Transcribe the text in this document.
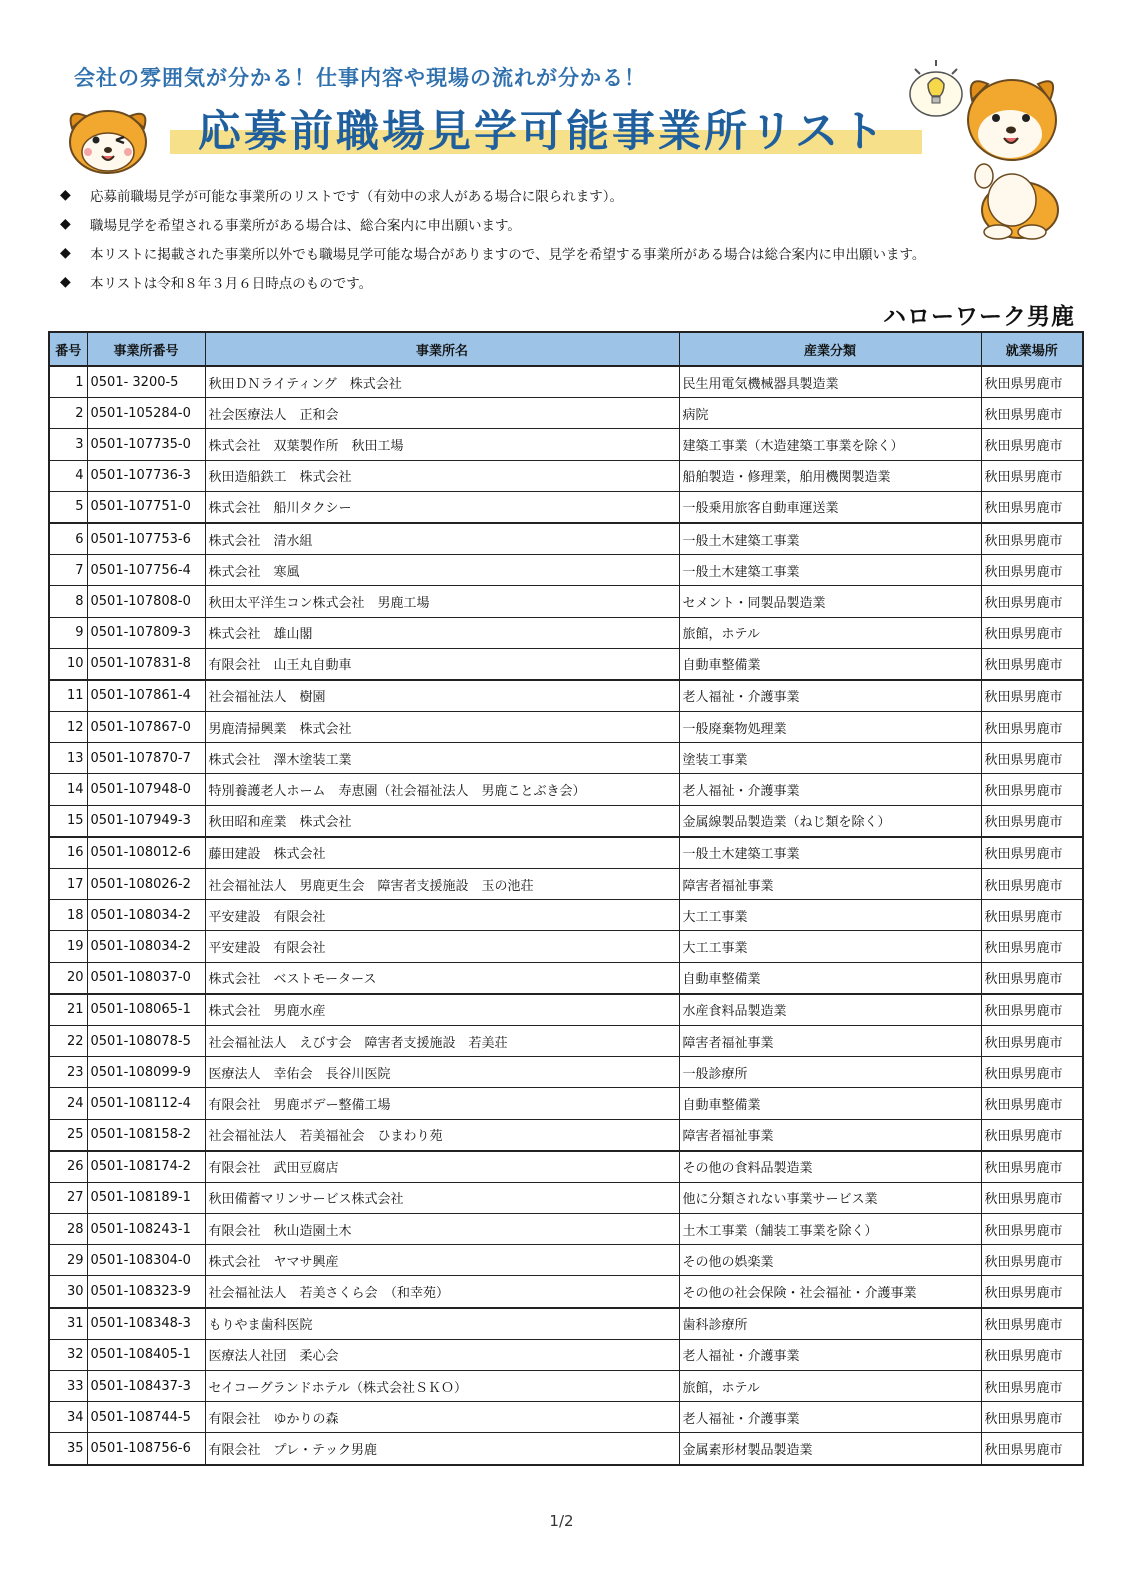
会社の雰囲気が分かる！仕事内容や現場の流れが分かる！
応募前職場見学可能事業所リスト
◆	応募前職場見学が可能な事業所のリストです（有効中の求人がある場合に限られます）。
◆	職場見学を希望される事業所がある場合は、総合案内に申出願います。
◆	本リストに掲載された事業所以外でも職場見学可能な場合がありますので、見学を希望する事業所がある場合は総合案内に申出願います。
◆	本リストは令和８年３月６日時点のものです。
ハローワーク男鹿
番号	事業所番号	事業所名	産業分類	就業場所
1	0501- 3200-5	秋田ＤＮライティング　株式会社	民生用電気機械器具製造業	秋田県男鹿市
2	0501-105284-0	社会医療法人　正和会	病院	秋田県男鹿市
3	0501-107735-0	株式会社　双葉製作所　秋田工場	建築工事業（木造建築工事業を除く）	秋田県男鹿市
4	0501-107736-3	秋田造船鉄工　株式会社	船舶製造・修理業，舶用機関製造業	秋田県男鹿市
5	0501-107751-0	株式会社　船川タクシー	一般乗用旅客自動車運送業	秋田県男鹿市
6	0501-107753-6	株式会社　清水組	一般土木建築工事業	秋田県男鹿市
7	0501-107756-4	株式会社　寒風	一般土木建築工事業	秋田県男鹿市
8	0501-107808-0	秋田太平洋生コン株式会社　男鹿工場	セメント・同製品製造業	秋田県男鹿市
9	0501-107809-3	株式会社　雄山閣	旅館，ホテル	秋田県男鹿市
10	0501-107831-8	有限会社　山王丸自動車	自動車整備業	秋田県男鹿市
11	0501-107861-4	社会福祉法人　樹園	老人福祉・介護事業	秋田県男鹿市
12	0501-107867-0	男鹿清掃興業　株式会社	一般廃棄物処理業	秋田県男鹿市
13	0501-107870-7	株式会社　澤木塗装工業	塗装工事業	秋田県男鹿市
14	0501-107948-0	特別養護老人ホーム　寿恵園（社会福祉法人　男鹿ことぶき会）	老人福祉・介護事業	秋田県男鹿市
15	0501-107949-3	秋田昭和産業　株式会社	金属線製品製造業（ねじ類を除く）	秋田県男鹿市
16	0501-108012-6	藤田建設　株式会社	一般土木建築工事業	秋田県男鹿市
17	0501-108026-2	社会福祉法人　男鹿更生会　障害者支援施設　玉の池荘	障害者福祉事業	秋田県男鹿市
18	0501-108034-2	平安建設　有限会社	大工工事業	秋田県男鹿市
19	0501-108034-2	平安建設　有限会社	大工工事業	秋田県男鹿市
20	0501-108037-0	株式会社　ベストモータース	自動車整備業	秋田県男鹿市
21	0501-108065-1	株式会社　男鹿水産	水産食料品製造業	秋田県男鹿市
22	0501-108078-5	社会福祉法人　えびす会　障害者支援施設　若美荘	障害者福祉事業	秋田県男鹿市
23	0501-108099-9	医療法人　幸佑会　長谷川医院	一般診療所	秋田県男鹿市
24	0501-108112-4	有限会社　男鹿ボデー整備工場	自動車整備業	秋田県男鹿市
25	0501-108158-2	社会福祉法人　若美福祉会　ひまわり苑	障害者福祉事業	秋田県男鹿市
26	0501-108174-2	有限会社　武田豆腐店	その他の食料品製造業	秋田県男鹿市
27	0501-108189-1	秋田備蓄マリンサービス株式会社	他に分類されない事業サービス業	秋田県男鹿市
28	0501-108243-1	有限会社　秋山造園土木	土木工事業（舗装工事業を除く）	秋田県男鹿市
29	0501-108304-0	株式会社　ヤマサ興産	その他の娯楽業	秋田県男鹿市
30	0501-108323-9	社会福祉法人　若美さくら会　（和幸苑）	その他の社会保険・社会福祉・介護事業	秋田県男鹿市
31	0501-108348-3	もりやま歯科医院	歯科診療所	秋田県男鹿市
32	0501-108405-1	医療法人社団　柔心会	老人福祉・介護事業	秋田県男鹿市
33	0501-108437-3	セイコーグランドホテル（株式会社ＳＫＯ）	旅館，ホテル	秋田県男鹿市
34	0501-108744-5	有限会社　ゆかりの森	老人福祉・介護事業	秋田県男鹿市
35	0501-108756-6	有限会社　プレ・テック男鹿	金属素形材製品製造業	秋田県男鹿市
1/2
